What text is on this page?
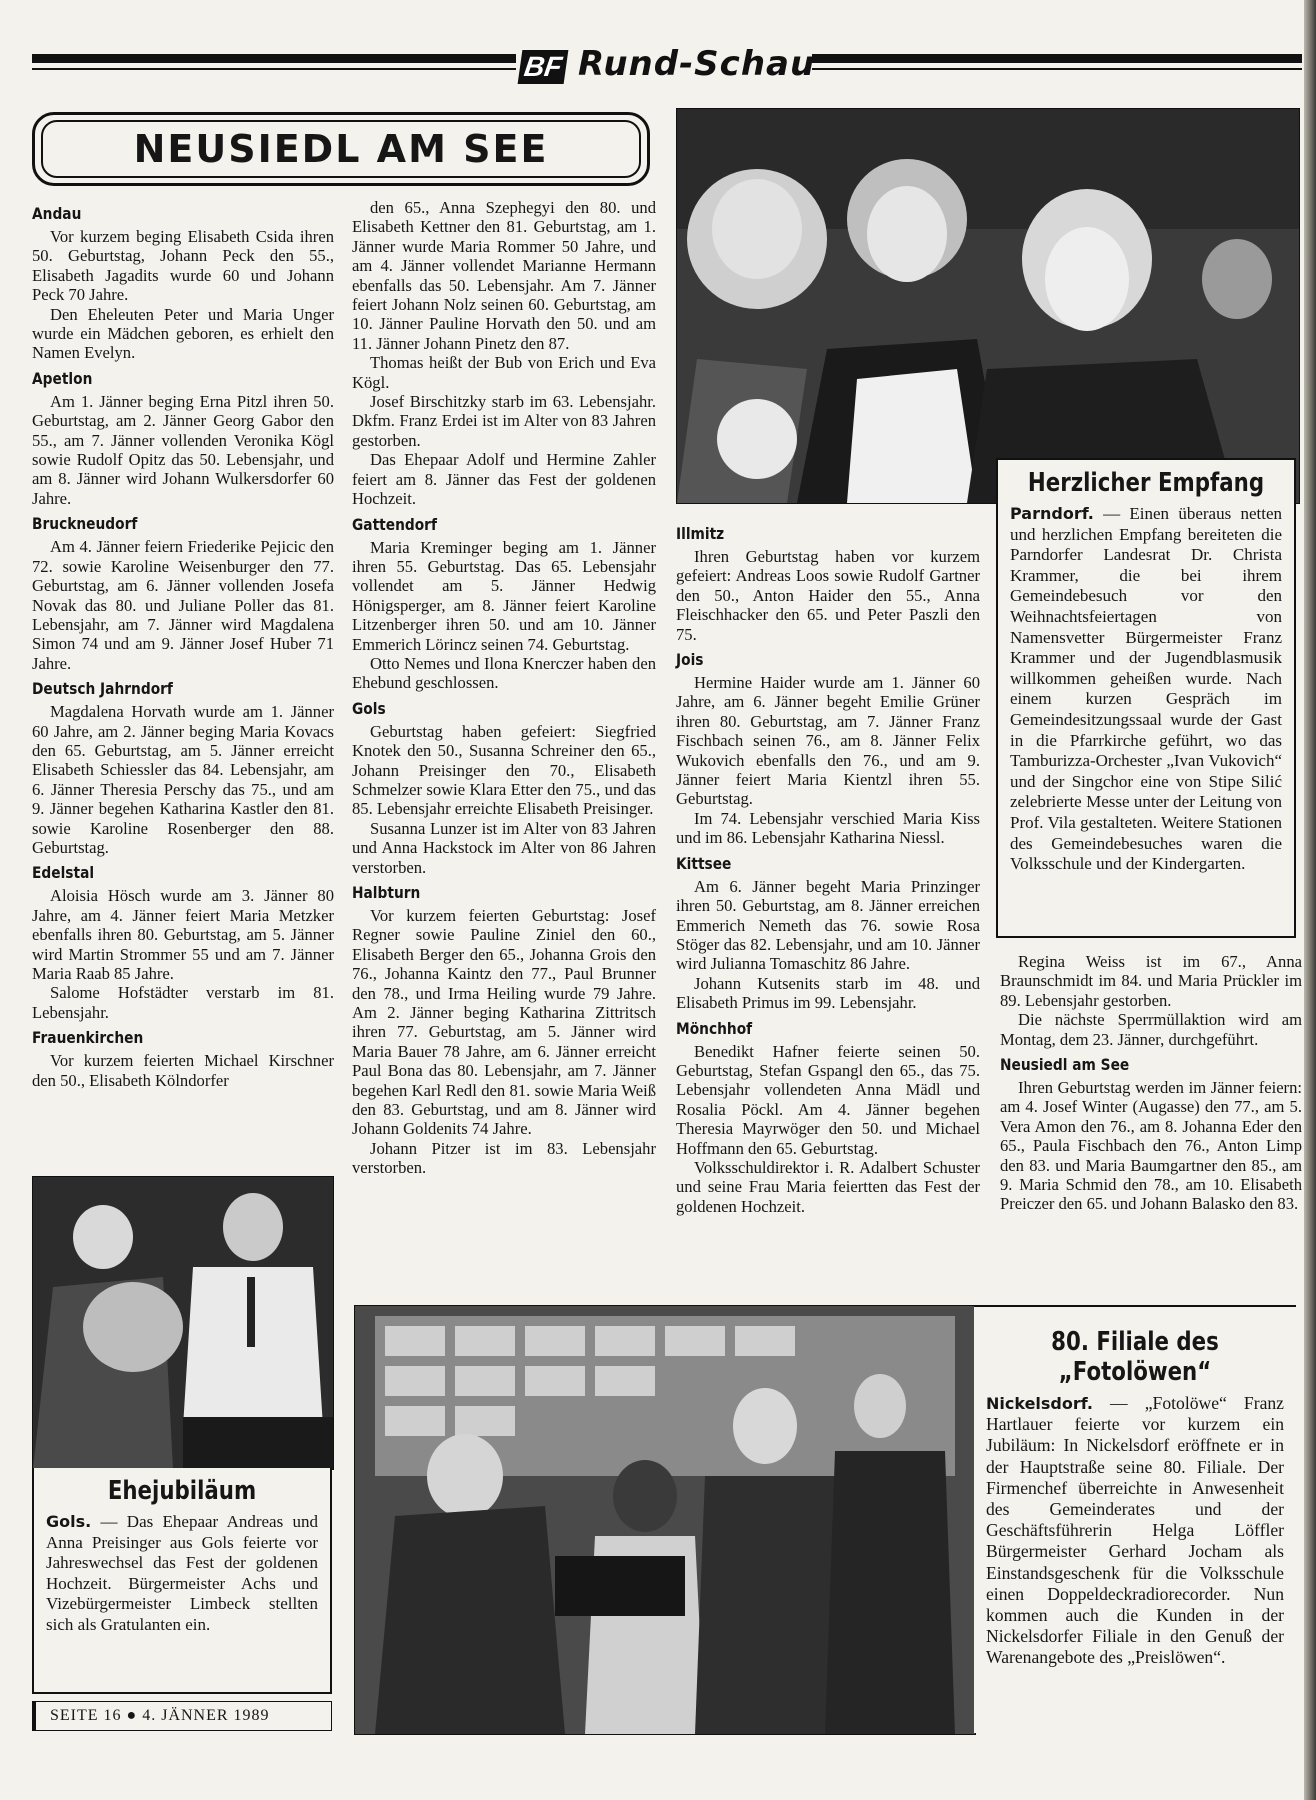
BF Rund-Schau
NEUSIEDL AM SEE
Andau

Vor kurzem beging Elisabeth Csida ihren 50. Geburtstag, Johann Peck den 55., Elisabeth Jagadits wurde 60 und Johann Peck 70 Jahre.

Den Eheleuten Peter und Maria Unger wurde ein Mädchen geboren, es erhielt den Namen Evelyn.

Apetlon

Am 1. Jänner beging Erna Pitzl ihren 50. Geburtstag, am 2. Jänner Georg Gabor den 55., am 7. Jänner vollenden Veronika Kögl sowie Rudolf Opitz das 50. Lebensjahr, und am 8. Jänner wird Johann Wulkersdorfer 60 Jahre.

Bruckneudorf

Am 4. Jänner feiern Friederike Pejicic den 72. sowie Karoline Weisenburger den 77. Geburtstag, am 6. Jänner vollenden Josefa Novak das 80. und Juliane Poller das 81. Lebensjahr, am 7. Jänner wird Magdalena Simon 74 und am 9. Jänner Josef Huber 71 Jahre.

Deutsch Jahrndorf

Magdalena Horvath wurde am 1. Jänner 60 Jahre, am 2. Jänner beging Maria Kovacs den 65. Geburtstag, am 5. Jänner erreicht Elisabeth Schiessler das 84. Lebensjahr, am 6. Jänner Theresia Perschy das 75., und am 9. Jänner begehen Katharina Kastler den 81. sowie Karoline Rosenberger den 88. Geburtstag.

Edelstal

Aloisia Hösch wurde am 3. Jänner 80 Jahre, am 4. Jänner feiert Maria Metzker ebenfalls ihren 80. Geburtstag, am 5. Jänner wird Martin Strommer 55 und am 7. Jänner Maria Raab 85 Jahre.

Salome Hofstädter verstarb im 81. Lebensjahr.

Frauenkirchen

Vor kurzem feierten Michael Kirschner den 50., Elisabeth Kölndorfer

den 65., Anna Szephegyi den 80. und Elisabeth Kettner den 81. Geburtstag, am 1. Jänner wurde Maria Rommer 50 Jahre, und am 4. Jänner vollendet Marianne Hermann ebenfalls das 50. Lebensjahr. Am 7. Jänner feiert Johann Nolz seinen 60. Geburtstag, am 10. Jänner Pauline Horvath den 50. und am 11. Jänner Johann Pinetz den 87.

Thomas heißt der Bub von Erich und Eva Kögl.

Josef Birschitzky starb im 63. Lebensjahr. Dkfm. Franz Erdei ist im Alter von 83 Jahren gestorben.

Das Ehepaar Adolf und Hermine Zahler feiert am 8. Jänner das Fest der goldenen Hochzeit.

Gattendorf

Maria Kreminger beging am 1. Jänner ihren 55. Geburtstag. Das 65. Lebensjahr vollendet am 5. Jänner Hedwig Hönigsperger, am 8. Jänner feiert Karoline Litzenberger ihren 50. und am 10. Jänner Emmerich Lörincz seinen 74. Geburtstag.

Otto Nemes und Ilona Knerczer haben den Ehebund geschlossen.

Gols

Geburtstag haben gefeiert: Siegfried Knotek den 50., Susanna Schreiner den 65., Johann Preisinger den 70., Elisabeth Schmelzer sowie Klara Etter den 75., und das 85. Lebensjahr erreichte Elisabeth Preisinger.

Susanna Lunzer ist im Alter von 83 Jahren und Anna Hackstock im Alter von 86 Jahren verstorben.

Halbturn

Vor kurzem feierten Geburtstag: Josef Regner sowie Pauline Ziniel den 60., Elisabeth Berger den 65., Johanna Grois den 76., Johanna Kaintz den 77., Paul Brunner den 78., und Irma Heiling wurde 79 Jahre. Am 2. Jänner beging Katharina Zittritsch ihren 77. Geburtstag, am 5. Jänner wird Maria Bauer 78 Jahre, am 6. Jänner erreicht Paul Bona das 80. Lebensjahr, am 7. Jänner begehen Karl Redl den 81. sowie Maria Weiß den 83. Geburtstag, und am 8. Jänner wird Johann Goldenits 74 Jahre.

Johann Pitzer ist im 83. Lebensjahr verstorben.

Illmitz

Ihren Geburtstag haben vor kurzem gefeiert: Andreas Loos sowie Rudolf Gartner den 50., Anton Haider den 55., Anna Fleischhacker den 65. und Peter Paszli den 75.

Jois

Hermine Haider wurde am 1. Jänner 60 Jahre, am 6. Jänner begeht Emilie Grüner ihren 80. Geburtstag, am 7. Jänner Franz Fischbach seinen 76., am 8. Jänner Felix Wukovich ebenfalls den 76., und am 9. Jänner feiert Maria Kientzl ihren 55. Geburtstag.

Im 74. Lebensjahr verschied Maria Kiss und im 86. Lebensjahr Katharina Niessl.

Kittsee

Am 6. Jänner begeht Maria Prinzinger ihren 50. Geburtstag, am 8. Jänner erreichen Emmerich Nemeth das 76. sowie Rosa Stöger das 82. Lebensjahr, und am 10. Jänner wird Julianna Tomaschitz 86 Jahre.

Johann Kutsenits starb im 48. und Elisabeth Primus im 99. Lebensjahr.

Mönchhof

Benedikt Hafner feierte seinen 50. Geburtstag, Stefan Gspangl den 65., das 75. Lebensjahr vollendeten Anna Mädl und Rosalia Pöckl. Am 4. Jänner begehen Theresia Mayrwöger den 50. und Michael Hoffmann den 65. Geburtstag.

Volksschuldirektor i. R. Adalbert Schuster und seine Frau Maria feiertten das Fest der goldenen Hochzeit.

Regina Weiss ist im 67., Anna Braunschmidt im 84. und Maria Prückler im 89. Lebensjahr gestorben.

Die nächste Sperrmüllaktion wird am Montag, dem 23. Jänner, durchgeführt.

Neusiedl am See

Ihren Geburtstag werden im Jänner feiern: am 4. Josef Winter (Augasse) den 77., am 5. Vera Amon den 76., am 8. Johanna Eder den 65., Paula Fischbach den 76., Anton Limp den 83. und Maria Baumgartner den 85., am 9. Maria Schmid den 78., am 10. Elisabeth Preiczer den 65. und Johann Balasko den 83.

Herzlicher Empfang
Parndorf. — Einen überaus netten und herzlichen Empfang bereiteten die Parndorfer Landesrat Dr. Christa Krammer, die bei ihrem Gemeindebesuch vor den Weihnachtsfeiertagen von Namensvetter Bürgermeister Franz Krammer und der Jugendblasmusik willkommen geheißen wurde. Nach einem kurzen Gespräch im Gemeindesitzungssaal wurde der Gast in die Pfarrkirche geführt, wo das Tamburizza-Orchester „Ivan Vukovich“ und der Singchor eine von Stipe Silić zelebrierte Messe unter der Leitung von Prof. Vila gestalteten. Weitere Stationen des Gemeindebesuches waren die Volksschule und der Kindergarten.
Ehejubiläum
Gols. — Das Ehepaar Andreas und Anna Preisinger aus Gols feierte vor Jahreswechsel das Fest der goldenen Hochzeit. Bürgermeister Achs und Vizebürgermeister Limbeck stellten sich als Gratulanten ein.
80. Filiale des
„Fotolöwen“
Nickelsdorf. — „Fotolöwe“ Franz Hartlauer feierte vor kurzem ein Jubiläum: In Nickelsdorf eröffnete er in der Hauptstraße seine 80. Filiale. Der Firmenchef überreichte in Anwesenheit des Gemeinderates und der Geschäftsführerin Helga Löffler Bürgermeister Gerhard Jocham als Einstandsgeschenk für die Volksschule einen Doppeldeckradiorecorder. Nun kommen auch die Kunden in der Nickelsdorfer Filiale in den Genuß der Warenangebote des „Preislöwen“.
SEITE 16 ● 4. JÄNNER 1989
